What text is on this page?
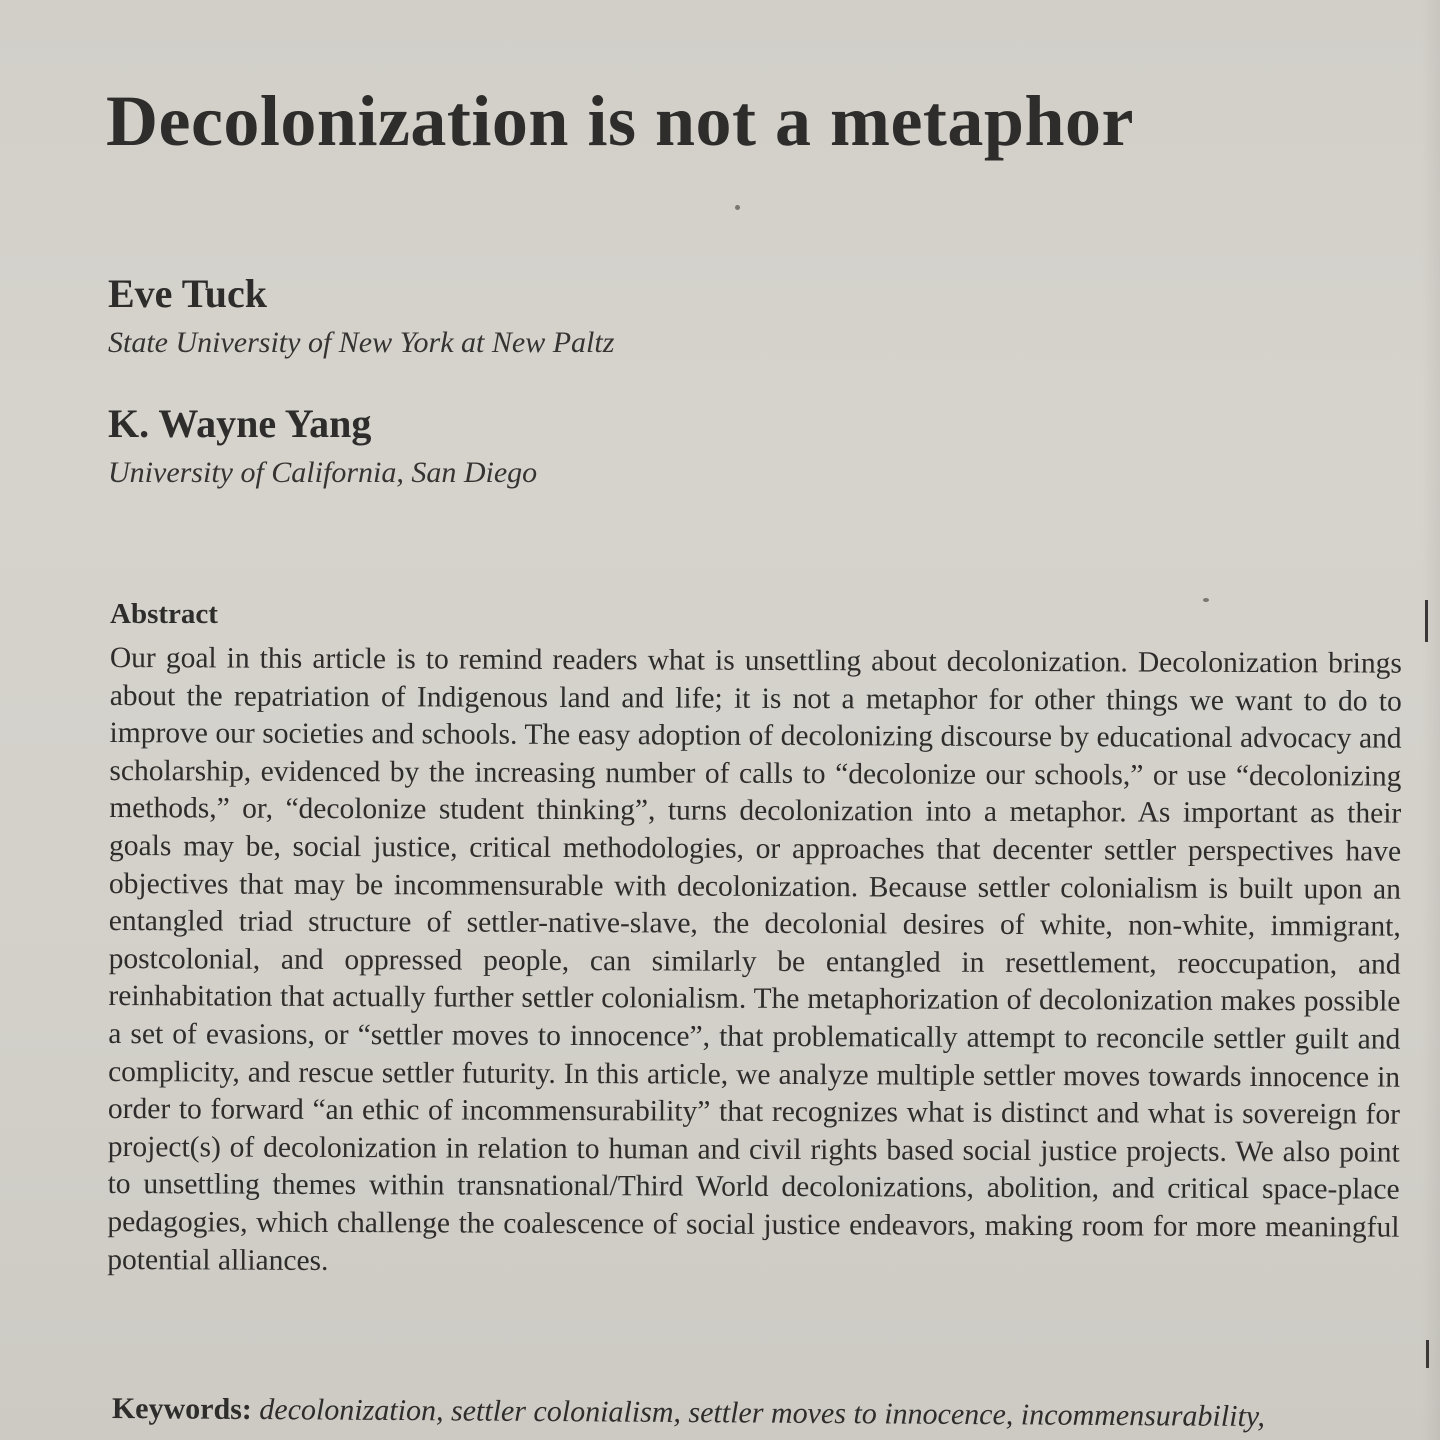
Decolonization is not a metaphor
Eve Tuck

State University of New York at New Paltz

K. Wayne Yang

University of California, San Diego

Abstract

Our goal in this article is to remind readers what is unsettling about decolonization. Decolonization brings about the repatriation of Indigenous land and life; it is not a metaphor for other things we want to do to improve our societies and schools. The easy adoption of decolonizing discourse by educational advocacy and scholarship, evidenced by the increasing number of calls to “decolonize our schools,” or use “decolonizing methods,” or, “decolonize student thinking”, turns decolonization into a metaphor. As important as their goals may be, social justice, critical methodologies, or approaches that decenter settler perspectives have objectives that may be incommensurable with decolonization. Because settler colonialism is built upon an entangled triad structure of settler-native-slave, the decolonial desires of white, non-white, immigrant, postcolonial, and oppressed people, can similarly be entangled in resettlement, reoccupation, and reinhabitation that actually further settler colonialism. The metaphorization of decolonization makes possible a set of evasions, or “settler moves to innocence”, that problematically attempt to reconcile settler guilt and complicity, and rescue settler futurity. In this article, we analyze multiple settler moves towards innocence in order to forward “an ethic of incommensurability” that recognizes what is distinct and what is sovereign for project(s) of decolonization in relation to human and civil rights based social justice projects. We also point to unsettling themes within transnational/Third World decolonizations, abolition, and critical space-place pedagogies, which challenge the coalescence of social justice endeavors, making room for more meaningful potential alliances.

Keywords: decolonization, settler colonialism, settler moves to innocence, incommensurability,
